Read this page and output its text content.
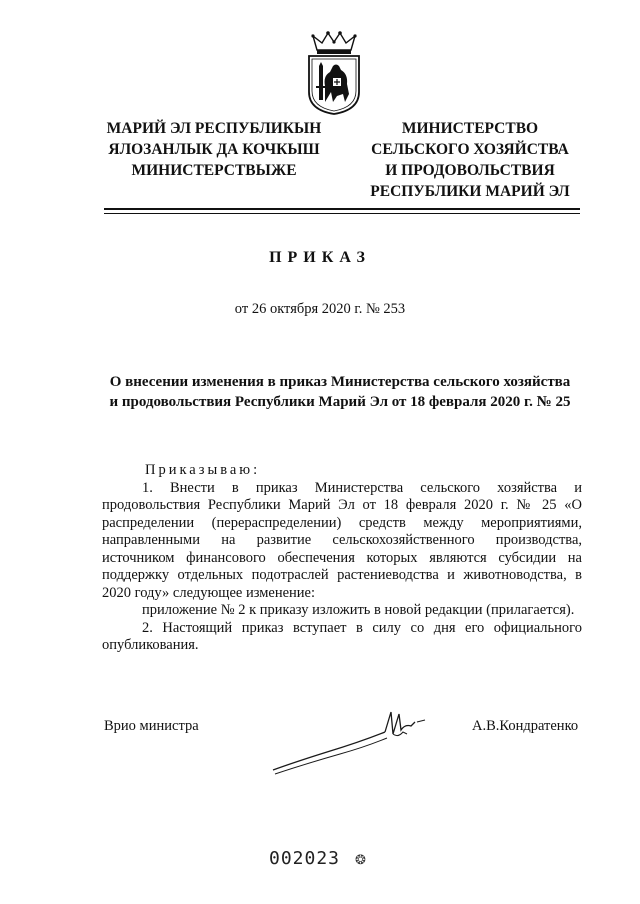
МАРИЙ ЭЛ РЕСПУБЛИКЫН
ЯЛОЗАНЛЫК ДА КОЧКЫШ
МИНИСТЕРСТВЫЖЕ
МИНИСТЕРСТВО
СЕЛЬСКОГО ХОЗЯЙСТВА
И ПРОДОВОЛЬСТВИЯ
РЕСПУБЛИКИ МАРИЙ ЭЛ

ПРИКАЗ

от 26 октября 2020 г. № 253

О внесении изменения в приказ Министерства сельского хозяйства
и продовольствия Республики Марий Эл от 18 февраля 2020 г. № 25

Приказываю:

1. Внести в приказ Министерства сельского хозяйства и продовольствия Республики Марий Эл от 18 февраля 2020 г. № 25 «О распределении (перераспределении) средств между мероприятиями, направленными на развитие сельскохозяйственного производства, источником финансового обеспечения которых являются субсидии на поддержку отдельных подотраслей растениеводства и животноводства, в 2020 году» следующее изменение:

приложение № 2 к приказу изложить в новой редакции (прилагается).

2. Настоящий приказ вступает в силу со дня его официального опубликования.

Врио министра	А.В.Кондратенко

002023 ❂
